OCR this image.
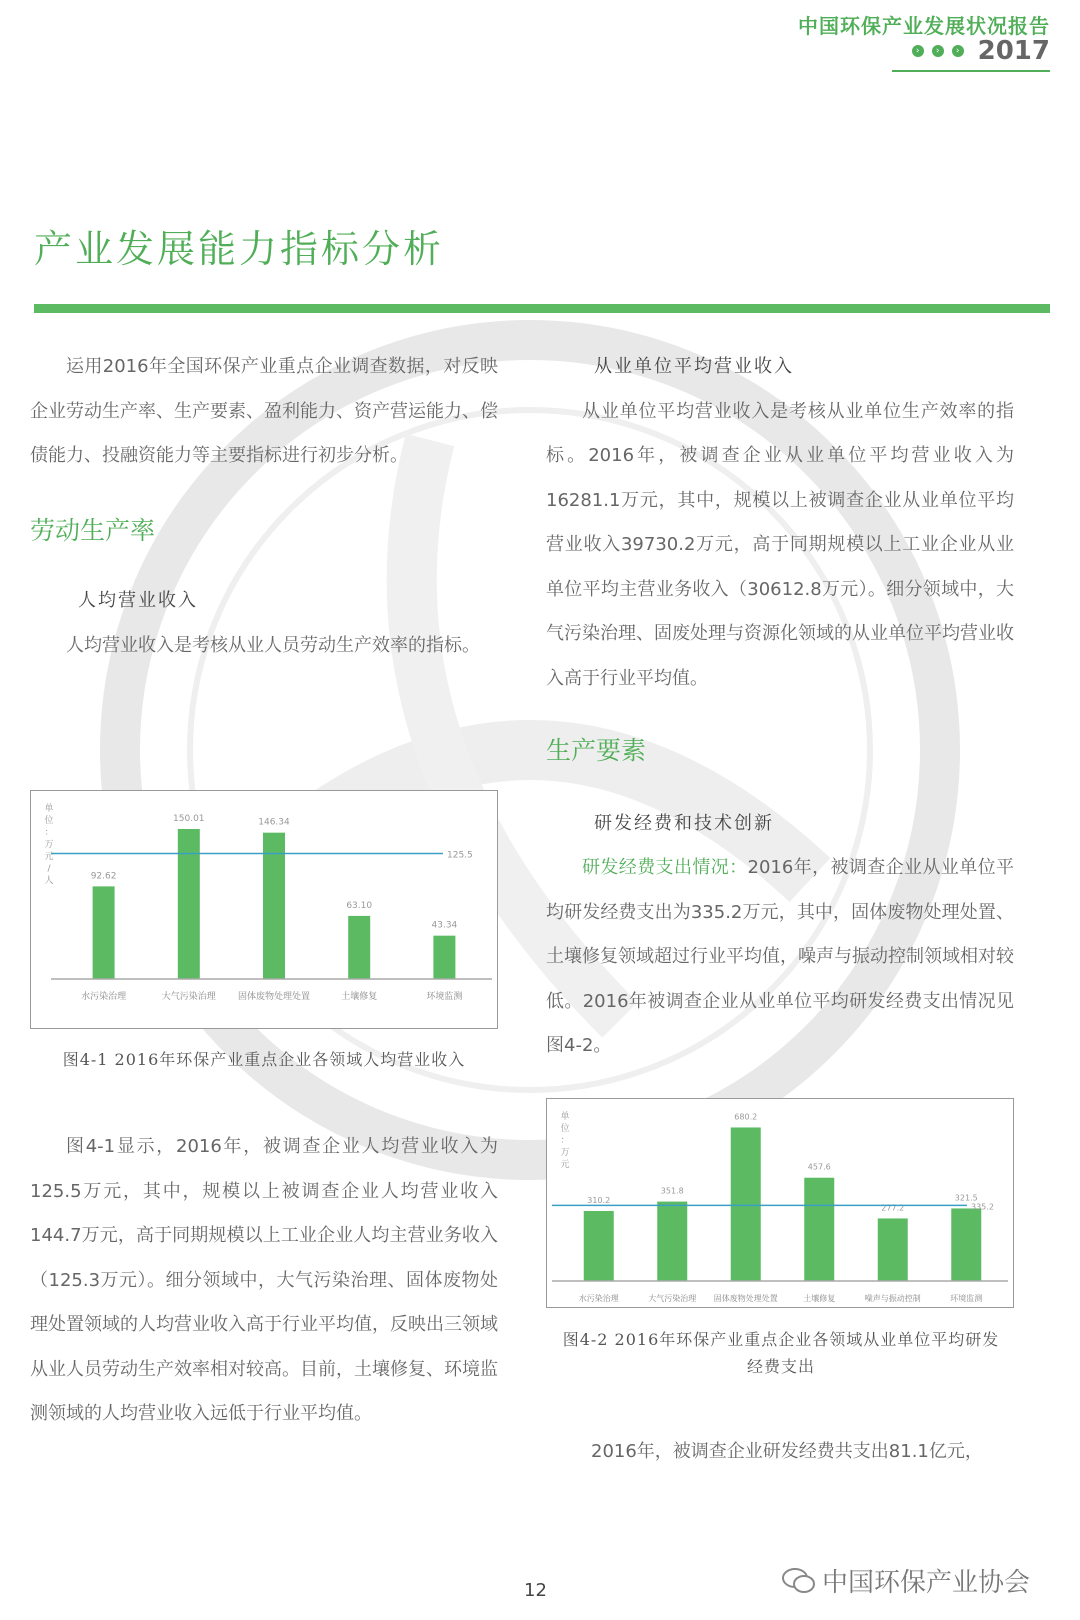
中国环保产业发展状况报告
›	›	› 2017
产业发展能力指标分析

运用2016年全国环保产业重点企业调查数据，对反映企业劳动生产率、生产要素、盈利能力、资产营运能力、偿债能力、投融资能力等主要指标进行初步分析。

劳动生产率

人均营业收入

人均营业收入是考核从业人员劳动生产效率的指标。

单
位
：
万
元
/
人	92.62
水污染治理
150.01
大气污染治理
146.34
固体废物处理处置
63.10
土壤修复
43.34
环境监测
125.5
图4-1 2016年环保产业重点企业各领域人均营业收入

图4-1显示，2016年，被调查企业人均营业收入为125.5万元，其中，规模以上被调查企业人均营业收入144.7万元，高于同期规模以上工业企业人均主营业务收入（125.3万元）。细分领域中，大气污染治理、固体废物处理处置领域的人均营业收入高于行业平均值，反映出三领域从业人员劳动生产效率相对较高。目前，土壤修复、环境监测领域的人均营业收入远低于行业平均值。

从业单位平均营业收入

从业单位平均营业收入是考核从业单位生产效率的指标。2016年，被调查企业从业单位平均营业收入为16281.1万元，其中，规模以上被调查企业从业单位平均营业收入39730.2万元，高于同期规模以上工业企业从业单位平均主营业务收入（30612.8万元）。细分领域中，大气污染治理、固废处理与资源化领域的从业单位平均营业收入高于行业平均值。

生产要素

研发经费和技术创新

研发经费支出情况：2016年，被调查企业从业单位平均研发经费支出为335.2万元，其中，固体废物处理处置、土壤修复领域超过行业平均值，噪声与振动控制领域相对较低。2016年被调查企业从业单位平均研发经费支出情况见图4-2。

单
位
：
万
元
310.2
水污染治理
351.8
大气污染治理
680.2
固体废物处理处置
457.6
土壤修复
277.2
噪声与振动控制
321.5
环境监测
335.2
图4-2 2016年环保产业重点企业各领域从业单位平均研发经费支出

2016年，被调查企业研发经费共支出81.1亿元，

12	中国环保产业协会
